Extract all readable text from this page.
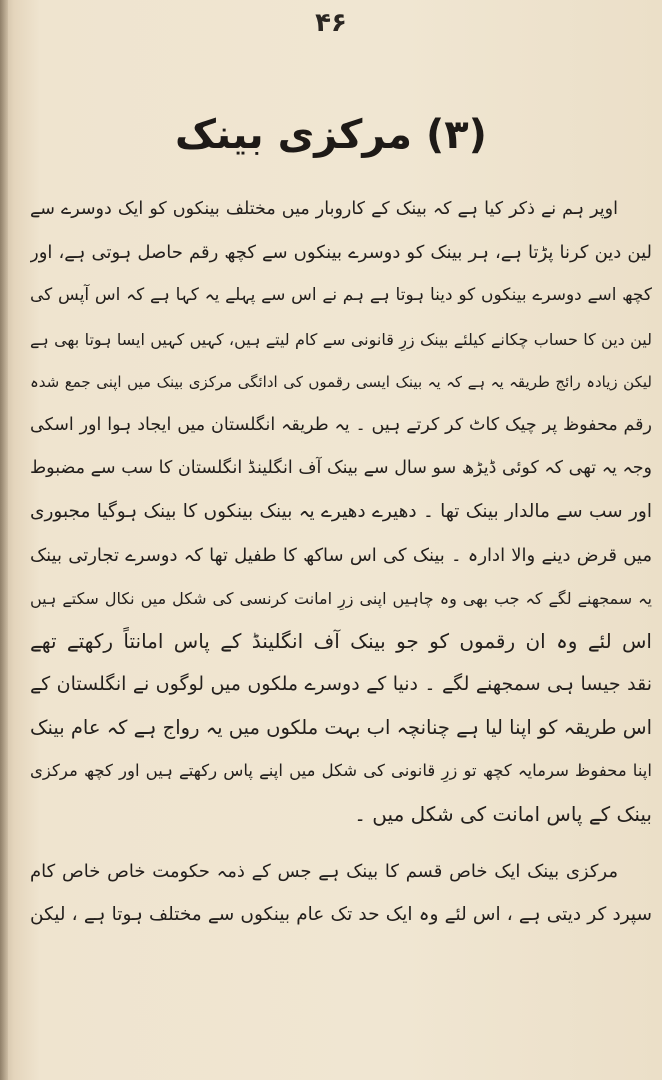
۴۶
(۳) مرکزی بینک
اوپر ہم نے ذکر کیا ہے کہ بینک کے کاروبار میں مختلف بینکوں کو ایک دوسرے سے
لین دین کرنا پڑتا ہے، ہر بینک کو دوسرے بینکوں سے کچھ رقم حاصل ہوتی ہے، اور
کچھ اسے دوسرے بینکوں کو دینا ہوتا ہے ہم نے اس سے پہلے یہ کہا ہے کہ اس آپس کی
لین دین کا حساب چکانے کیلئے بینک زرِ قانونی سے کام لیتے ہیں، کہیں کہیں ایسا ہوتا بھی ہے
لیکن زیادہ رائج طریقہ یہ ہے کہ یہ بینک ایسی رقموں کی ادائگی مرکزی بینک میں اپنی جمع شدہ
رقم محفوظ پر چیک کاٹ کر کرتے ہیں ۔ یہ طریقہ انگلستان میں ایجاد ہوا اور اسکی
وجہ یہ تھی کہ کوئی ڈیڑھ سو سال سے بینک آف انگلینڈ انگلستان کا سب سے مضبوط
اور سب سے مالدار بینک تھا ۔ دھیرے دھیرے یہ بینک بینکوں کا بینک ہوگیا مجبوری
میں قرض دینے والا ادارہ ۔ بینک کی اس ساکھ کا طفیل تھا کہ دوسرے تجارتی بینک
یہ سمجھنے لگے کہ جب بھی وہ چاہیں اپنی زرِ امانت کرنسی کی شکل میں نکال سکتے ہیں
اس لئے وہ ان رقموں کو جو بینک آف انگلینڈ کے پاس امانتاً رکھتے تھے
نقد جیسا ہی سمجھنے لگے ۔ دنیا کے دوسرے ملکوں میں لوگوں نے انگلستان کے
اس طریقہ کو اپنا لیا ہے چنانچہ اب بہت ملکوں میں یہ رواج ہے کہ عام بینک
اپنا محفوظ سرمایہ کچھ تو زرِ قانونی کی شکل میں اپنے پاس رکھتے ہیں اور کچھ مرکزی
بینک کے پاس امانت کی شکل میں ۔
مرکزی بینک ایک خاص قسم کا بینک ہے جس کے ذمہ حکومت خاص خاص کام
سپرد کر دیتی ہے ، اس لئے وہ ایک حد تک عام بینکوں سے مختلف ہوتا ہے ، لیکن
